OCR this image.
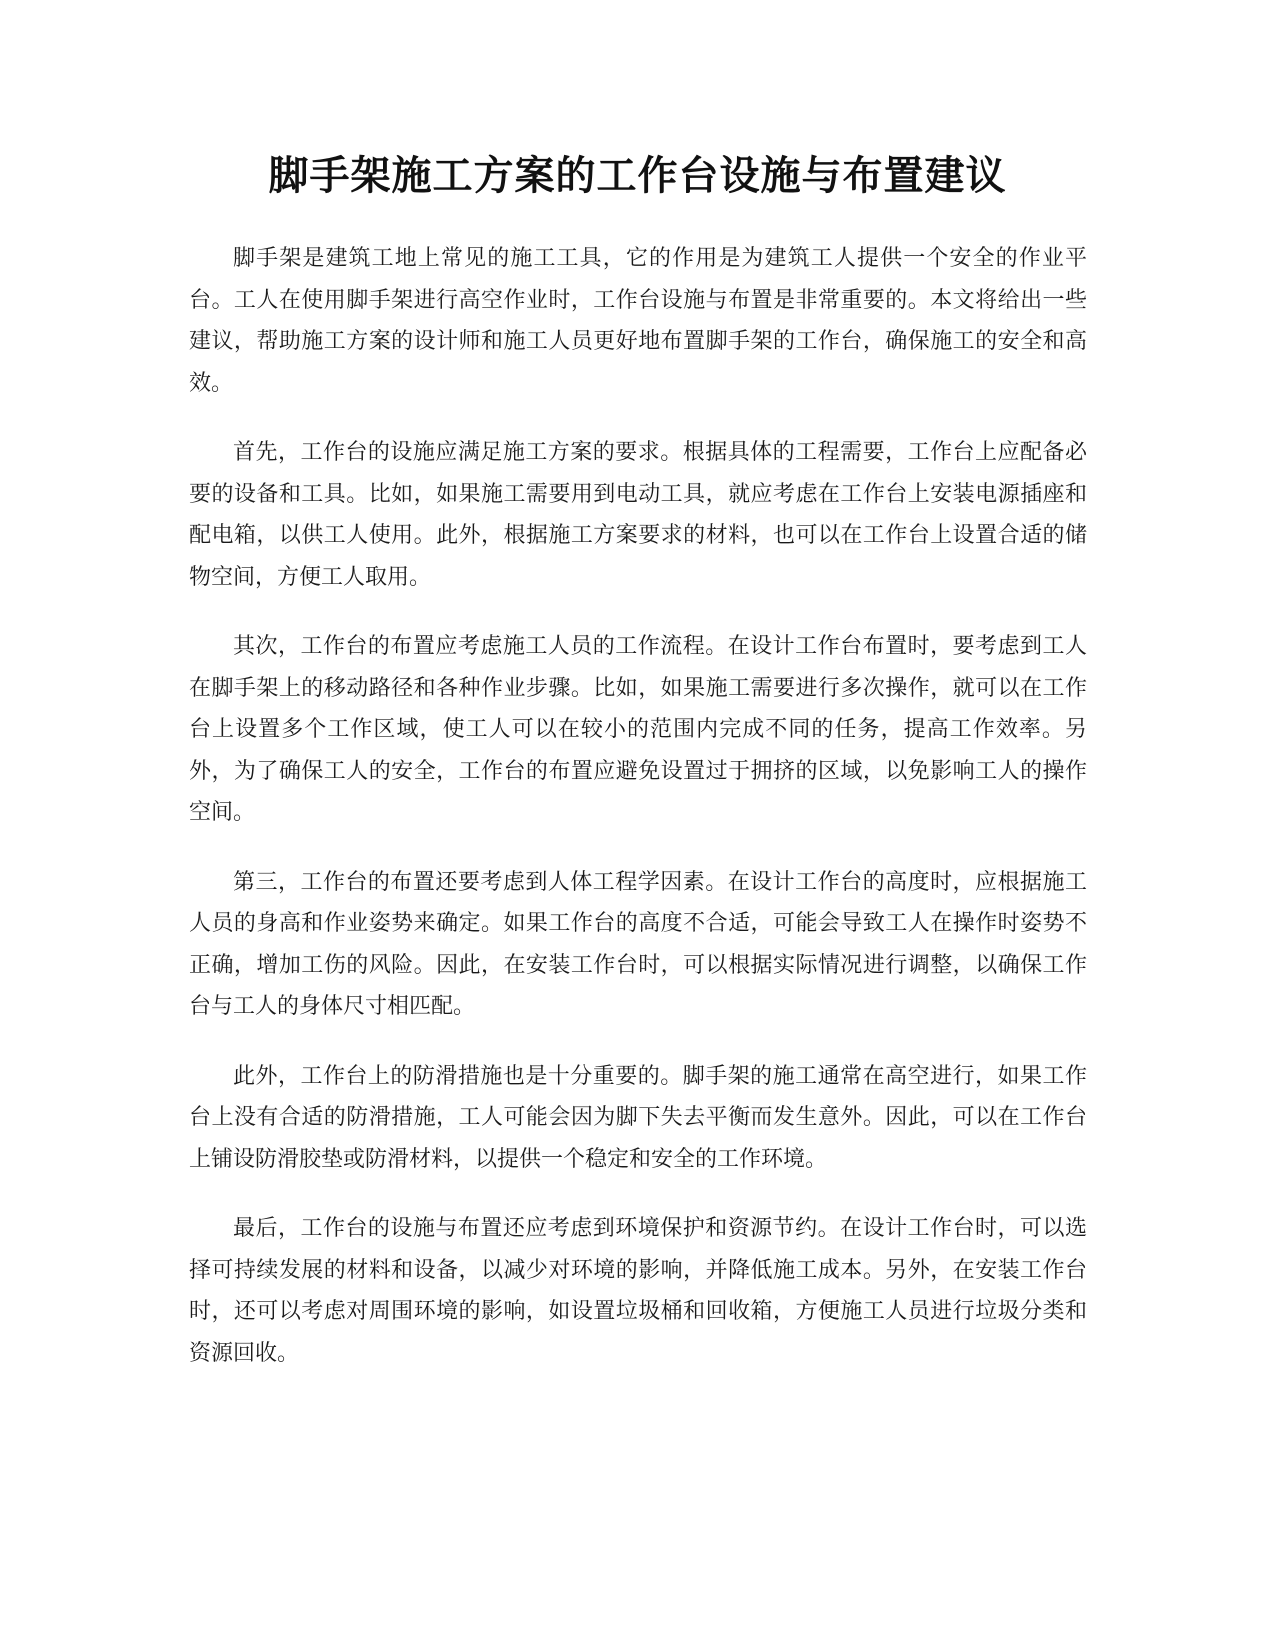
脚手架施工方案的工作台设施与布置建议

脚手架是建筑工地上常见的施工工具，它的作用是为建筑工人提供一个安全的作业平台。工人在使用脚手架进行高空作业时，工作台设施与布置是非常重要的。本文将给出一些建议，帮助施工方案的设计师和施工人员更好地布置脚手架的工作台，确保施工的安全和高效。

首先，工作台的设施应满足施工方案的要求。根据具体的工程需要，工作台上应配备必要的设备和工具。比如，如果施工需要用到电动工具，就应考虑在工作台上安装电源插座和配电箱，以供工人使用。此外，根据施工方案要求的材料，也可以在工作台上设置合适的储物空间，方便工人取用。

其次，工作台的布置应考虑施工人员的工作流程。在设计工作台布置时，要考虑到工人在脚手架上的移动路径和各种作业步骤。比如，如果施工需要进行多次操作，就可以在工作台上设置多个工作区域，使工人可以在较小的范围内完成不同的任务，提高工作效率。另外，为了确保工人的安全，工作台的布置应避免设置过于拥挤的区域，以免影响工人的操作空间。

第三，工作台的布置还要考虑到人体工程学因素。在设计工作台的高度时，应根据施工人员的身高和作业姿势来确定。如果工作台的高度不合适，可能会导致工人在操作时姿势不正确，增加工伤的风险。因此，在安装工作台时，可以根据实际情况进行调整，以确保工作台与工人的身体尺寸相匹配。

此外，工作台上的防滑措施也是十分重要的。脚手架的施工通常在高空进行，如果工作台上没有合适的防滑措施，工人可能会因为脚下失去平衡而发生意外。因此，可以在工作台上铺设防滑胶垫或防滑材料，以提供一个稳定和安全的工作环境。

最后，工作台的设施与布置还应考虑到环境保护和资源节约。在设计工作台时，可以选择可持续发展的材料和设备，以减少对环境的影响，并降低施工成本。另外，在安装工作台时，还可以考虑对周围环境的影响，如设置垃圾桶和回收箱，方便施工人员进行垃圾分类和资源回收。
